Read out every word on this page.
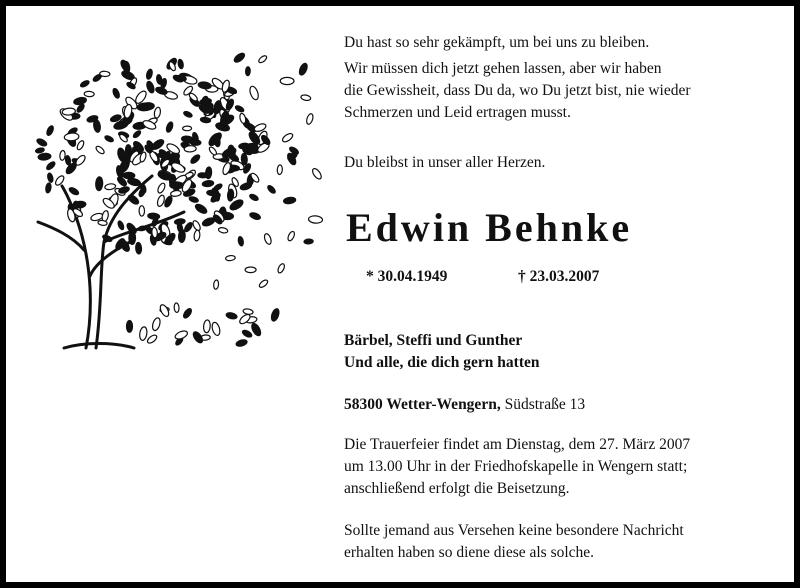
Du hast so sehr gekämpft, um bei uns zu bleiben.

Wir müssen dich jetzt gehen lassen, aber wir haben

die Gewissheit, dass Du da, wo Du jetzt bist, nie wieder

Schmerzen und Leid ertragen musst.

Du bleibst in unser aller Herzen.
Edwin Behnke
* 30.04.1949	† 23.03.2007

Bärbel, Steffi und Gunther

Und alle, die dich gern hatten

58300 Wetter-Wengern, Südstraße 13

Die Trauerfeier findet am Dienstag, dem 27. März 2007

um 13.00 Uhr in der Friedhofskapelle in Wengern statt;

anschließend erfolgt die Beisetzung.

Sollte jemand aus Versehen keine besondere Nachricht

erhalten haben so diene diese als solche.
